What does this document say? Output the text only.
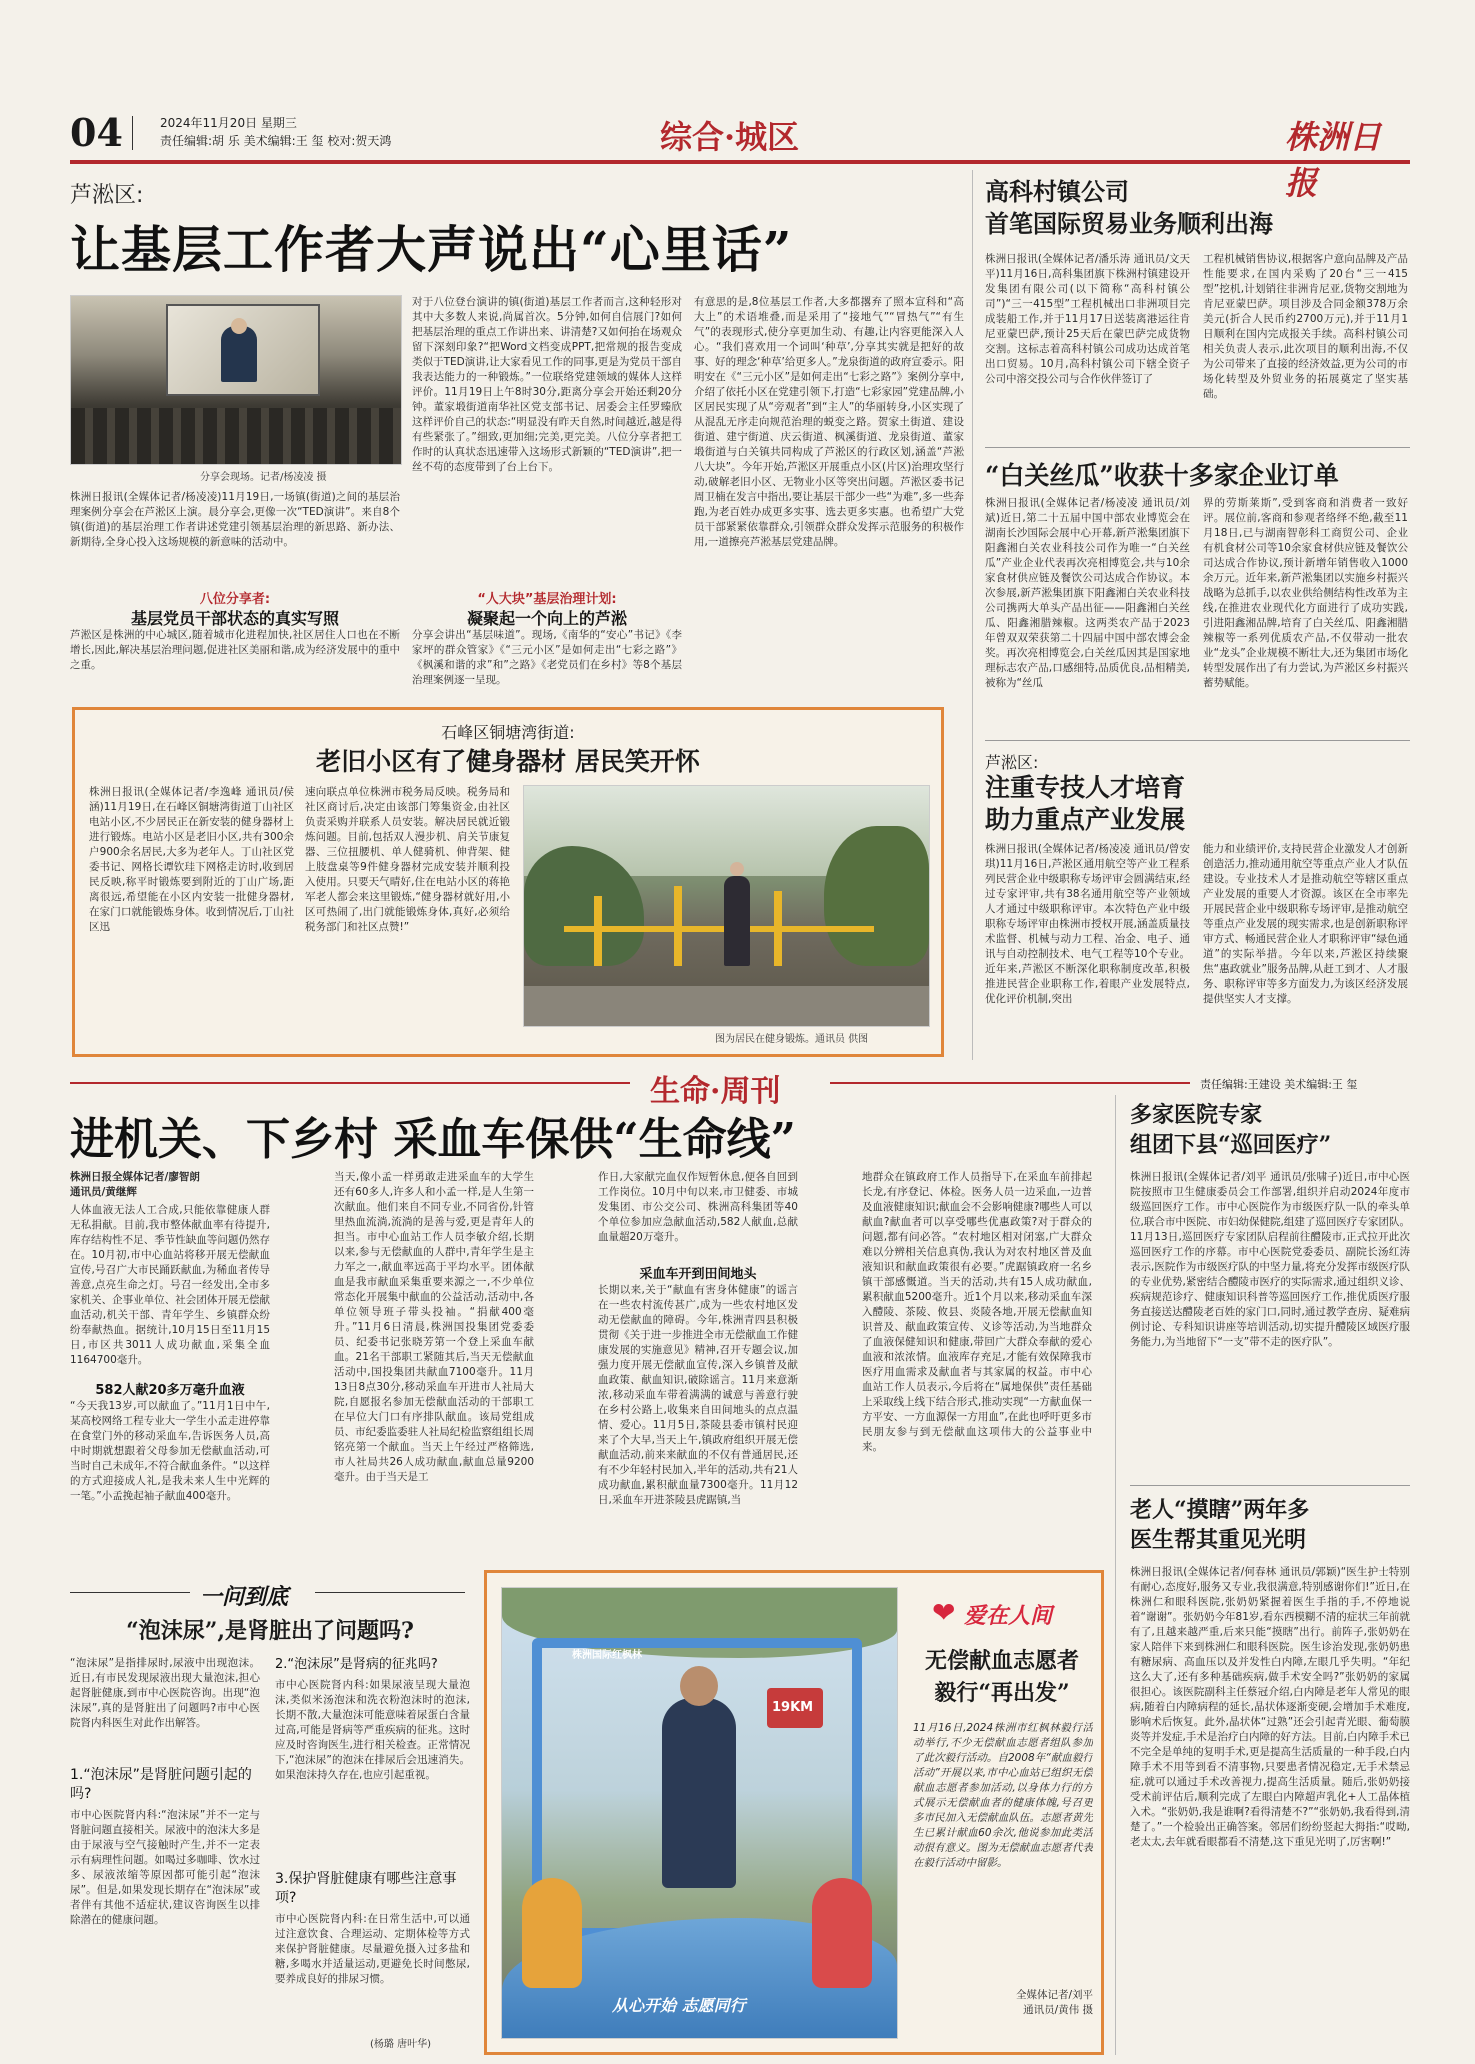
04	2024年11月20日 星期三
责任编辑:胡 乐 美术编辑:王 玺 校对:贺天鸿	综合·城区	株洲日报
芦淞区:
让基层工作者大声说出“心里话”
分享会现场。记者/杨凌凌 摄
株洲日报讯(全媒体记者/杨凌凌)11月19日,一场镇(街道)之间的基层治理案例分享会在芦淞区上演。晨分享会,更像一次“TED演讲”。来自8个镇(街道)的基层治理工作者讲述党建引领基层治理的新思路、新办法、新期待,全身心投入这场规模的新意味的活动中。
八位分享者:
基层党员干部状态的真实写照
芦淞区是株洲的中心城区,随着城市化进程加快,社区居住人口也在不断增长,因此,解决基层治理问题,促进社区美丽和谐,成为经济发展中的重中之重。
对于八位登台演讲的镇(街道)基层工作者而言,这种轻形对其中大多数人来说,尚属首次。5分钟,如何自信展门?如何把基层治理的重点工作讲出来、讲清楚?又如何抬在场观众留下深刻印象?“把Word文档变成PPT,把常规的报告变成类似于TED演讲,让大家看见工作的同事,更是为党员干部自我表达能力的一种锻炼。”一位联络党建领域的媒体人这样评价。11月19日上午8时30分,距离分享会开始还剩20分钟。董家塅街道南华社区党支部书记、居委会主任罗臻欣这样评价自己的状态:“明显没有昨天自然,时间越近,越是得有些紧张了。”细致,更加细;完美,更完美。八位分享者把工作时的认真状态迅速带入这场形式新颖的“TED演讲”,把一丝不苟的态度带到了台上台下。
“人大块”基层治理计划:
凝聚起一个向上的芦淞
分享会讲出“基层味道”。现场,《南华的“安心”书记》《李家坪的群众管家》《“三元小区”是如何走出“七彩之路”》《枫溪和谐的求”和”之路》《老党员们在乡村》等8个基层治理案例逐一呈现。
有意思的是,8位基层工作者,大多都撂弃了照本宣科和“高大上”的术语堆叠,而是采用了“接地气”“冒热气”“有生气”的表现形式,使分享更加生动、有趣,让内容更能深入人心。“我们喜欢用一个词叫‘种草’,分享其实就是把好的故事、好的理念‘种草’给更多人。”龙泉街道的政府宣委示。阳明安在《“三元小区”是如何走出“七彩之路”》案例分享中,介绍了依托小区在党建引领下,打造“七彩家园”党建品牌,小区居民实现了从“旁观者”到“主人”的华丽转身,小区实现了从混乱无序走向规范治理的蜕变之路。贺家土街道、建设街道、建宁街道、庆云街道、枫溪街道、龙泉街道、董家塅街道与白关镇共同构成了芦淞区的行政区划,涵盖“芦淞八大块”。今年开始,芦淞区开展重点小区(片区)治理攻坚行动,破解老旧小区、无物业小区等突出问题。芦淞区委书记周卫楠在发言中指出,要让基层干部少一些“为难”,多一些奔跑,为老百姓办成更多实事、选去更多实惠。也希望广大党员干部紧紧依靠群众,引领群众群众发挥示范服务的积极作用,一道擦亮芦淞基层党建品牌。
高科村镇公司
首笔国际贸易业务顺利出海
株洲日报讯(全媒体记者/潘乐涛 通讯员/文天平)11月16日,高科集团旗下株洲村镇建设开发集团有限公司(以下简称“高科村镇公司”)“三一415型”工程机械出口非洲项目完成装船工作,并于11月17日送装离港运往肯尼亚蒙巴萨,预计25天后在蒙巴萨完成货物交割。这标志着高科村镇公司成功达成首笔出口贸易。10月,高科村镇公司下辖全资子公司中溶交投公司与合作伙伴签订了
工程机械销售协议,根据客户意向品牌及产品性能要求,在国内采购了20台“三一415型”挖机,计划销往非洲肯尼亚,货物交割地为肯尼亚蒙巴萨。项目涉及合同金额378万余美元(折合人民币约2700万元),并于11月1日顺利在国内完成报关手续。高科村镇公司相关负责人表示,此次项目的顺利出海,不仅为公司带来了直接的经济效益,更为公司的市场化转型及外贸业务的拓展奠定了坚实基础。
“白关丝瓜”收获十多家企业订单
株洲日报讯(全媒体记者/杨凌凌 通讯员/刘斌)近日,第二十五届中国中部农业博览会在湖南长沙国际会展中心开幕,新芦淞集团旗下阳鑫湘白关农业科技公司作为唯一“白关丝瓜”产业企业代表再次亮相博览会,共与10余家食材供应链及餐饮公司达成合作协议。本次参展,新芦淞集团旗下阳鑫湘白关农业科技公司携两大单头产品出征——阳鑫湘白关丝瓜、阳鑫湘腊辣椒。这两类农产品于2023年曾双双荣获第二十四届中国中部农博会金奖。再次亮相博览会,白关丝瓜因其是国家地理标志农产品,口感细特,品质优良,品相精美,被称为“丝瓜
界的劳斯莱斯”,受到客商和消费者一致好评。展位前,客商和参观者络绎不绝,截至11月18日,已与湖南智彰科工商贸公司、企业有机食材公司等10余家食材供应链及餐饮公司达成合作协议,预计新增年销售收入1000余万元。近年来,新芦淞集团以实施乡村振兴战略为总抓手,以农业供给侧结构性改革为主线,在推进农业现代化方面进行了成功实践,引进阳鑫湘品牌,培育了白关丝瓜、阳鑫湘腊辣椒等一系列优质农产品,不仅带动一批农业“龙头”企业规模不断壮大,还为集团市场化转型发展作出了有力尝试,为芦淞区乡村振兴蓄势赋能。
芦淞区:
注重专技人才培育
助力重点产业发展
株洲日报讯(全媒体记者/杨凌凌 通讯员/曾安琪)11月16日,芦淞区通用航空等产业工程系列民营企业中级职称专场评审会圆满结束,经过专家评审,共有38名通用航空等产业领域人才通过中级职称评审。本次特色产业中级职称专场评审由株洲市授权开展,涵盖质量技术监督、机械与动力工程、冶金、电子、通讯与自动控制技术、电气工程等10个专业。近年来,芦淞区不断深化职称制度改革,积极推进民营企业职称工作,着眼产业发展特点,优化评价机制,突出
能力和业绩评价,支持民营企业激发人才创新创造活力,推动通用航空等重点产业人才队伍建设。专业技术人才是推动航空等辖区重点产业发展的重要人才资源。该区在全市率先开展民营企业中级职称专场评审,是推动航空等重点产业发展的现实需求,也是创新职称评审方式、畅通民营企业人才职称评审“绿色通道”的实际举措。今年以来,芦淞区持续聚焦“惠政就业”服务品牌,从赶工到才、人才服务、职称评审等多方面发力,为该区经济发展提供坚实人才支撑。
石峰区铜塘湾街道:
老旧小区有了健身器材 居民笑开怀
株洲日报讯(全媒体记者/李逸峰 通讯员/侯涵)11月19日,在石峰区铜塘湾街道丁山社区电站小区,不少居民正在新安装的健身器材上进行锻炼。电站小区是老旧小区,共有300余户900余名居民,大多为老年人。丁山社区党委书记、网格长谭钦珪下网格走访时,收到居民反映,称平时锻炼要到附近的丁山广场,距离很远,希望能在小区内安装一批健身器材,在家门口就能锻炼身体。收到情况后,丁山社区迅
速向联点单位株洲市税务局反映。税务局和社区商讨后,决定由该部门筹集资金,由社区负责采购并联系人员安装。解决居民就近锻炼问题。目前,包括双人漫步机、肩关节康复器、三位扭腰机、单人健骑机、伸背架、健上肢盘桌等9件健身器材完成安装并顺利投入使用。只要天气晴好,住在电站小区的蒋艳军老人都会来这里锻炼,“健身器材就好用,小区可热闹了,出门就能锻炼身体,真好,必须给税务部门和社区点赞!”
图为居民在健身锻炼。通讯员 供图
生命·周刊	责任编辑:王建设 美术编辑:王 玺
进机关、下乡村 采血车保供“生命线”
株洲日报全媒体记者/廖智朗
通讯员/黄继辉
人体血液无法人工合成,只能依靠健康人群无私捐献。目前,我市整体献血率有待提升,库存结构性不足、季节性缺血等问题仍然存在。10月初,市中心血站将移开展无偿献血宣传,号召广大市民踊跃献血,为稀血者传导善意,点亮生命之灯。号召一经发出,全市多家机关、企事业单位、社会团体开展无偿献血活动,机关干部、青年学生、乡镇群众纷纷奉献热血。据统计,10月15日至11月15日,市区共3011人成功献血,采集全血1164700毫升。
582人献20多万毫升血液
“今天我13岁,可以献血了。”11月1日中午,某高校网络工程专业大一学生小孟走进停靠在食堂门外的移动采血车,告诉医务人员,高中时期就想跟着父母参加无偿献血活动,可当时自己未成年,不符合献血条件。“以这样的方式迎接成人礼,是我未来人生中光辉的一笔。”小孟挽起袖子献血400毫升。
当天,像小孟一样勇敢走进采血车的大学生还有60多人,许多人和小孟一样,是人生第一次献血。他们来自不同专业,不同省份,针管里热血流淌,流淌的是善与爱,更是青年人的担当。市中心血站工作人员李敏介绍,长期以来,参与无偿献血的人群中,青年学生是主力军之一,献血率远高于平均水平。团体献血是我市献血采集重要来源之一,不少单位常态化开展集中献血的公益活动,活动中,各单位领导班子带头投袖。“捐献400毫升。”11月6日清晨,株洲国投集团党委委员、纪委书记张晓芳第一个登上采血车献血。21名干部职工紧随其后,当天无偿献血活动中,国投集团共献血7100毫升。11月13日8点30分,移动采血车开进市人社局大院,自愿报名参加无偿献血活动的干部职工在早位大门口有序排队献血。该局党组成员、市纪委监委驻人社局纪检监察组组长周铭亮第一个献血。当天上午经过严格筛选,市人社局共26人成功献血,献血总量9200毫升。由于当天是工
作日,大家献完血仅作短暂休息,便各自回到工作岗位。10月中旬以来,市卫健委、市城发集团、市公交公司、株洲高科集团等40个单位参加应急献血活动,582人献血,总献血量超20万毫升。
采血车开到田间地头
长期以来,关于“献血有害身体健康”的谣言在一些农村流传甚广,成为一些农村地区发动无偿献血的障碍。今年,株洲青四县积极贯彻《关于进一步推进全市无偿献血工作健康发展的实施意见》精神,召开专题会议,加强力度开展无偿献血宣传,深入乡镇普及献血政策、献血知识,破除谣言。11月来意渐浓,移动采血车带着满满的诚意与善意行驶在乡村公路上,收集来自田间地头的点点温情、爱心。11月5日,茶陵县委市镇村民迎来了个大早,当天上午,镇政府组织开展无偿献血活动,前来来献血的不仅有普通居民,还有不少年轻村民加入,半年的活动,共有21人成功献血,累积献血量7300毫升。11月12日,采血车开进茶陵县虎踞镇,当
地群众在镇政府工作人员指导下,在采血车前排起长龙,有序登记、体检。医务人员一边采血,一边普及血液健康知识;献血会不会影响健康?哪些人可以献血?献血者可以享受哪些优惠政策?对于群众的问题,都有问必答。“农村地区相对闭塞,广大群众难以分辨相关信息真伪,我认为对农村地区普及血液知识和献血政策很有必要。”虎踞镇政府一名乡镇干部感慨道。当天的活动,共有15人成功献血,累积献血5200毫升。近1个月以来,移动采血车深入醴陵、茶陵、攸县、炎陵各地,开展无偿献血知识普及、献血政策宣传、义诊等活动,为当地群众了血液保健知识和健康,带回广大群众奉献的爱心血液和浓浓情。血液库存充足,才能有效保障我市医疗用血需求及献血者与其家属的权益。市中心血站工作人员表示,今后将在“属地保供”责任基础上采取线上线下结合形式,推动实现“一方献血保一方平安、一方血源保一方用血”,在此也呼吁更多市民朋友参与到无偿献血这项伟大的公益事业中来。
多家医院专家
组团下县“巡回医疗”
株洲日报讯(全媒体记者/刘平 通讯员/张啸子)近日,市中心医院按照市卫生健康委员会工作部署,组织并启动2024年度市级巡回医疗工作。市中心医院作为市级医疗队一队的牵头单位,联合市中医院、市妇幼保健院,组建了巡回医疗专家团队。11月13日,巡回医疗专家团队启程前往醴陵市,正式拉开此次巡回医疗工作的序幕。市中心医院党委委员、副院长汤红涛表示,医院作为市级医疗队的中坚力量,将充分发挥市级医疗队的专业优势,紧密结合醴陵市医疗的实际需求,通过组织义诊、疾病规范诊疗、健康知识科普等巡回医疗工作,推优质医疗服务直接送达醴陵老百姓的家门口,同时,通过教学查房、疑难病例讨论、专科知识讲座等培训活动,切实提升醴陵区域医疗服务能力,为当地留下“一支”带不走的医疗队”。
老人“摸瞎”两年多
医生帮其重见光明
株洲日报讯(全媒体记者/何春林 通讯员/郭颖)“医生护士特别有耐心,态度好,服务又专业,我很满意,特别感谢你们!”近日,在株洲仁和眼科医院,张奶奶紧握着医生手指的手,不停地说着“谢谢”。张奶奶今年81岁,看东西模糊不清的症状三年前就有了,且越来越严重,后来只能“摸瞎”出行。前阵子,张奶奶在家人陪伴下来到株洲仁和眼科医院。医生诊治发现,张奶奶患有糖尿病、高血压以及并发性白内障,左眼几乎失明。“年纪这么大了,还有多种基础疾病,做手术安全吗?”张奶奶的家属很担心。该医院副科主任蔡冠介绍,白内障是老年人常见的眼病,随着白内障病程的延长,晶状体逐渐变硬,会增加手术难度,影响术后恢复。此外,晶状体“过熟”还会引起青光眼、葡萄膜炎等并发症,手术是治疗白内障的好方法。目前,白内障手术已不完全是单纯的复明手术,更是提高生活质量的一种手段,白内障手术不用等到看不清事物,只要患者情况稳定,无手术禁忌症,就可以通过手术改善视力,提高生活质量。随后,张奶奶接受术前评估后,顺利完成了左眼白内障超声乳化+人工晶体植入术。“张奶奶,我是谁啊?看得清楚不?”“张奶奶,我看得到,清楚了。”一个检验出正确答案。邻居们纷纷竖起大拇指:“哎呦,老太太,去年就看眼都看不清楚,这下重见光明了,厉害啊!”
一问到底
“泡沫尿”,是肾脏出了问题吗?
“泡沫尿”是指排尿时,尿液中出现泡沫。近日,有市民发现尿液出现大量泡沫,担心起肾脏健康,到市中心医院咨询。出现“泡沫尿”,真的是肾脏出了问题吗?市中心医院肾内科医生对此作出解答。
1.“泡沫尿”是肾脏问题引起的吗?
市中心医院肾内科:“泡沫尿”并不一定与肾脏问题直接相关。尿液中的泡沫大多是由于尿液与空气接触时产生,并不一定表示有病理性问题。如喝过多咖啡、饮水过多、尿液浓缩等原因都可能引起“泡沫尿”。但是,如果发现长期存在“泡沫尿”或者伴有其他不适症状,建议咨询医生以排除潜在的健康问题。
2.“泡沫尿”是肾病的征兆吗?
市中心医院肾内科:如果尿液呈现大量泡沫,类似米汤泡沫和洗衣粉泡沫时的泡沫,长期不散,大量泡沫可能意味着尿蛋白含量过高,可能是肾病等严重疾病的征兆。这时应及时咨询医生,进行相关检查。正常情况下,“泡沫尿”的泡沫在排尿后会迅速消失。如果泡沫持久存在,也应引起重视。
3.保护肾脏健康有哪些注意事项?
市中心医院肾内科:在日常生活中,可以通过注意饮食、合理运动、定期体检等方式来保护肾脏健康。尽量避免摄入过多盐和糖,多喝水并适量运动,更避免长时间憋尿,要养成良好的排尿习惯。
(杨璐 唐叶华)
株洲国际红枫林
19KM
从心开始 志愿同行
❤ 爱在人间
无偿献血志愿者
毅行“再出发”
11月16日,2024株洲市红枫林毅行活动举行,不少无偿献血志愿者组队参加了此次毅行活动。自2008年“献血毅行活动”开展以来,市中心血站已组织无偿献血志愿者参加活动,以身体力行的方式展示无偿献血者的健康体魄,号召更多市民加入无偿献血队伍。志愿者黄先生已累计献血60余次,他说参加此类活动很有意义。图为无偿献血志愿者代表在毅行活动中留影。
全媒体记者/刘平
通讯员/黄伟 摄
